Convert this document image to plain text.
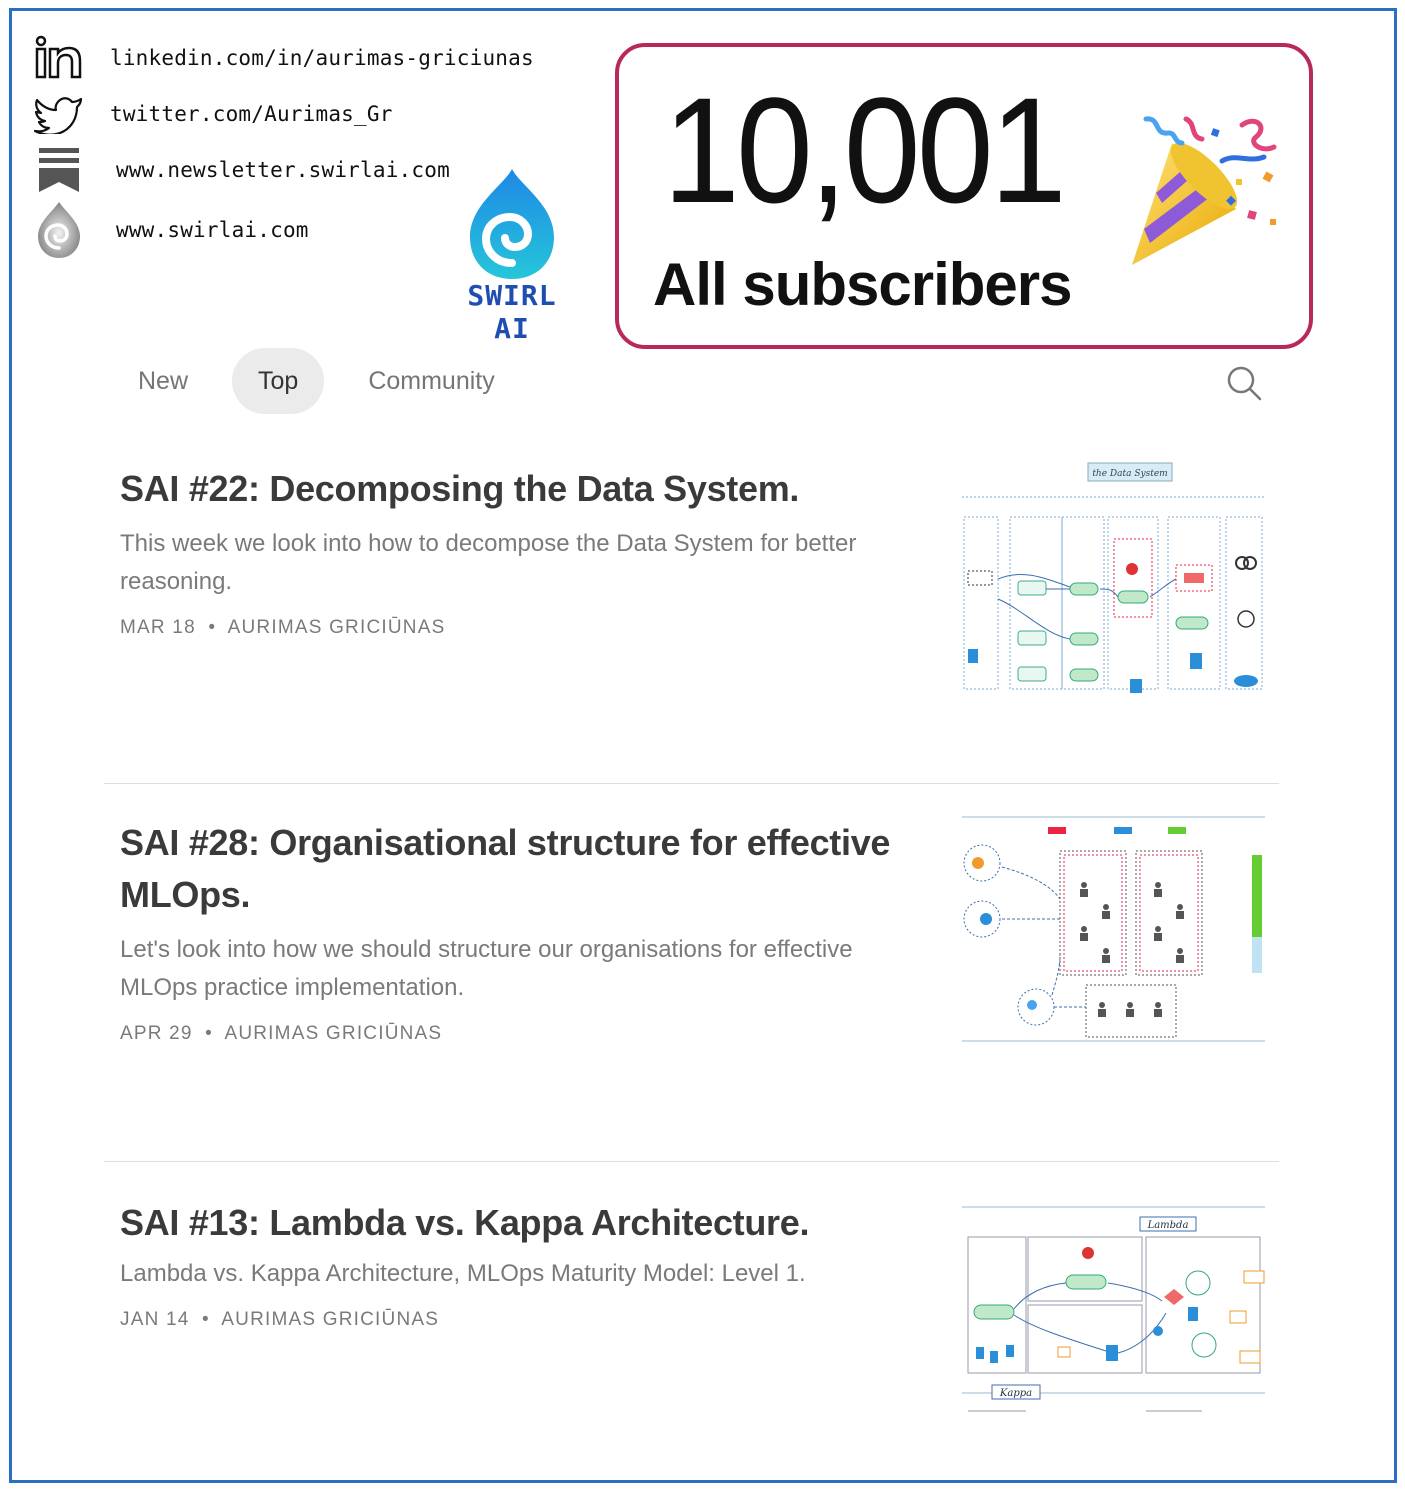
linkedin.com/in/aurimas-griciunas
twitter.com/Aurimas_Gr
www.newsletter.swirlai.com
www.swirlai.com
SWIRL AI
10,001
All subscribers
New	Top	Community
SAI #22: Decomposing the Data System.
This week we look into how to decompose the Data System for better reasoning.
MAR 18 • AURIMAS GRICIŪNAS
the Data System
SAI #28: Organisational structure for effective MLOps.
Let's look into how we should structure our organisations for effective MLOps practice implementation.
APR 29 • AURIMAS GRICIŪNAS
SAI #13: Lambda vs. Kappa Architecture.
Lambda vs. Kappa Architecture, MLOps Maturity Model: Level 1.
JAN 14 • AURIMAS GRICIŪNAS
Lambda
Kappa
